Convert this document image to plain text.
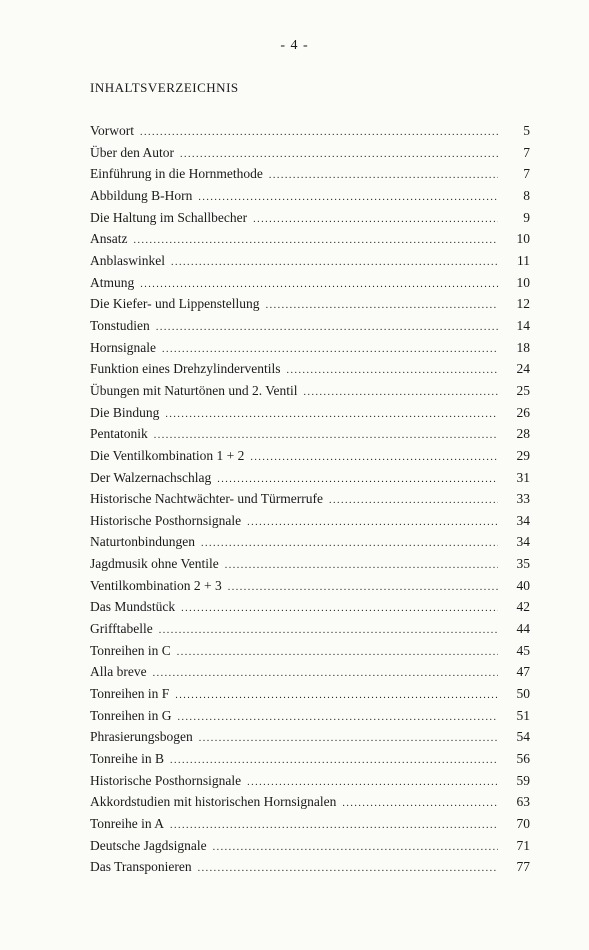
- 4 -
INHALTSVERZEICHNIS
Vorwort .....	5
Über den Autor .....	7
Einführung in die Hornmethode .....	7
Abbildung B-Horn .....	8
Die Haltung im Schallbecher .....	9
Ansatz .....	10
Anblaswinkel .....	11
Atmung .....	10
Die Kiefer- und Lippenstellung .....	12
Tonstudien .....	14
Hornsignale .....	18
Funktion eines Drehzylinderventils .....	24
Übungen mit Naturtönen und 2. Ventil .....	25
Die Bindung .....	26
Pentatonik .....	28
Die Ventilkombination 1 + 2 .....	29
Der Walzernachschlag .....	31
Historische Nachtwächter- und Türmerrufe .....	33
Historische Posthornsignale .....	34
Naturtonbindungen .....	34
Jagdmusik ohne Ventile .....	35
Ventilkombination 2 + 3 .....	40
Das Mundstück .....	42
Grifftabelle .....	44
Tonreihen in C .....	45
Alla breve .....	47
Tonreihen in F .....	50
Tonreihen in G .....	51
Phrasierungsbogen .....	54
Tonreihe in B .....	56
Historische Posthornsignale .....	59
Akkordstudien mit historischen Hornsignalen .....	63
Tonreihe in A .....	70
Deutsche Jagdsignale .....	71
Das Transponieren .....	77
